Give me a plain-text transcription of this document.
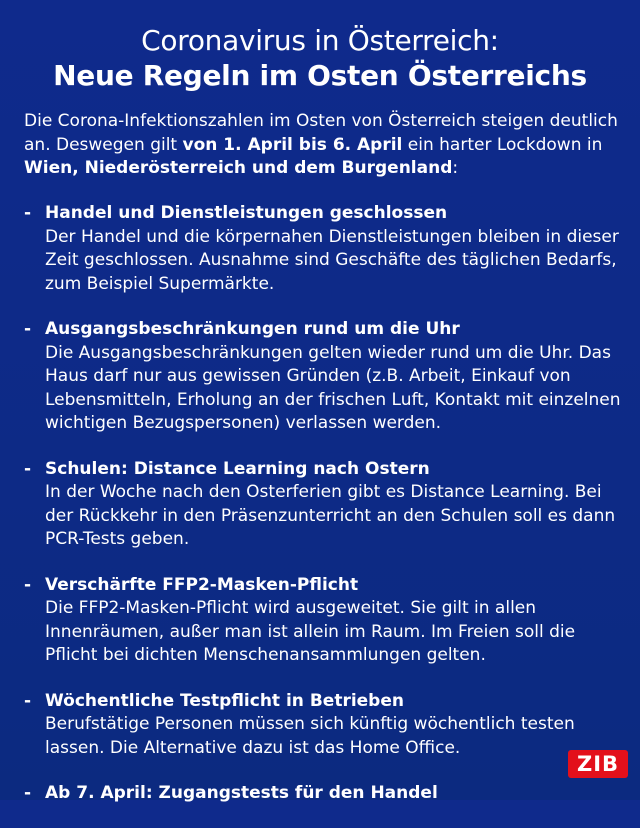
Coronavirus in Österreich:
Neue Regeln im Osten Österreichs
Die Corona-Infektionszahlen im Osten von Österreich steigen deutlich an. Deswegen gilt von 1. April bis 6. April ein harter Lockdown in Wien, Niederösterreich und dem Burgenland:
- Handel und Dienstleistungen geschlossen
Der Handel und die körpernahen Dienstleistungen bleiben in dieser Zeit geschlossen. Ausnahme sind Geschäfte des täglichen Bedarfs, zum Beispiel Supermärkte.
- Ausgangsbeschränkungen rund um die Uhr
Die Ausgangsbeschränkungen gelten wieder rund um die Uhr. Das Haus darf nur aus gewissen Gründen (z.B. Arbeit, Einkauf von Lebensmitteln, Erholung an der frischen Luft, Kontakt mit einzelnen wichtigen Bezugspersonen) verlassen werden.
- Schulen: Distance Learning nach Ostern
In der Woche nach den Osterferien gibt es Distance Learning. Bei der Rückkehr in den Präsenzunterricht an den Schulen soll es dann PCR-Tests geben.
- Verschärfte FFP2-Masken-Pflicht
Die FFP2-Masken-Pflicht wird ausgeweitet. Sie gilt in allen Innenräumen, außer man ist allein im Raum. Im Freien soll die Pflicht bei dichten Menschenansammlungen gelten.
- Wöchentliche Testpflicht in Betrieben
Berufstätige Personen müssen sich künftig wöchentlich testen lassen. Die Alternative dazu ist das Home Office.
- Ab 7. April: Zugangstests für den Handel
ZIB
